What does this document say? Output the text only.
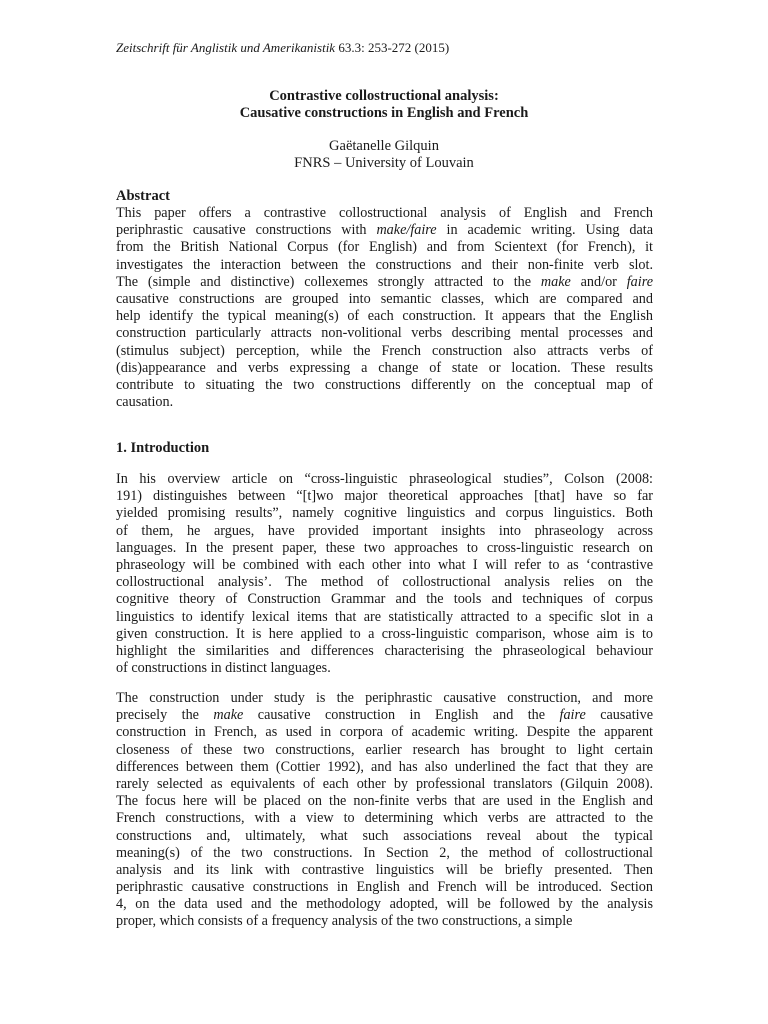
Zeitschrift für Anglistik und Amerikanistik 63.3: 253-272 (2015)
Contrastive collostructional analysis:
Causative constructions in English and French
Gaëtanelle Gilquin
FNRS – University of Louvain
Abstract
This paper offers a contrastive collostructional analysis of English and French
periphrastic causative constructions with make/faire in academic writing. Using data
from the British National Corpus (for English) and from Scientext (for French), it
investigates the interaction between the constructions and their non-finite verb slot.
The (simple and distinctive) collexemes strongly attracted to the make and/or faire
causative constructions are grouped into semantic classes, which are compared and
help identify the typical meaning(s) of each construction. It appears that the English
construction particularly attracts non-volitional verbs describing mental processes and
(stimulus subject) perception, while the French construction also attracts verbs of
(dis)appearance and verbs expressing a change of state or location. These results
contribute to situating the two constructions differently on the conceptual map of
causation.
1. Introduction
In his overview article on “cross-linguistic phraseological studies”, Colson (2008:
191) distinguishes between “[t]wo major theoretical approaches [that] have so far
yielded promising results”, namely cognitive linguistics and corpus linguistics. Both
of them, he argues, have provided important insights into phraseology across
languages. In the present paper, these two approaches to cross-linguistic research on
phraseology will be combined with each other into what I will refer to as ‘contrastive
collostructional analysis’. The method of collostructional analysis relies on the
cognitive theory of Construction Grammar and the tools and techniques of corpus
linguistics to identify lexical items that are statistically attracted to a specific slot in a
given construction. It is here applied to a cross-linguistic comparison, whose aim is to
highlight the similarities and differences characterising the phraseological behaviour
of constructions in distinct languages.
The construction under study is the periphrastic causative construction, and more
precisely the make causative construction in English and the faire causative
construction in French, as used in corpora of academic writing. Despite the apparent
closeness of these two constructions, earlier research has brought to light certain
differences between them (Cottier 1992), and has also underlined the fact that they are
rarely selected as equivalents of each other by professional translators (Gilquin 2008).
The focus here will be placed on the non-finite verbs that are used in the English and
French constructions, with a view to determining which verbs are attracted to the
constructions and, ultimately, what such associations reveal about the typical
meaning(s) of the two constructions. In Section 2, the method of collostructional
analysis and its link with contrastive linguistics will be briefly presented. Then
periphrastic causative constructions in English and French will be introduced. Section
4, on the data used and the methodology adopted, will be followed by the analysis
proper, which consists of a frequency analysis of the two constructions, a simple
